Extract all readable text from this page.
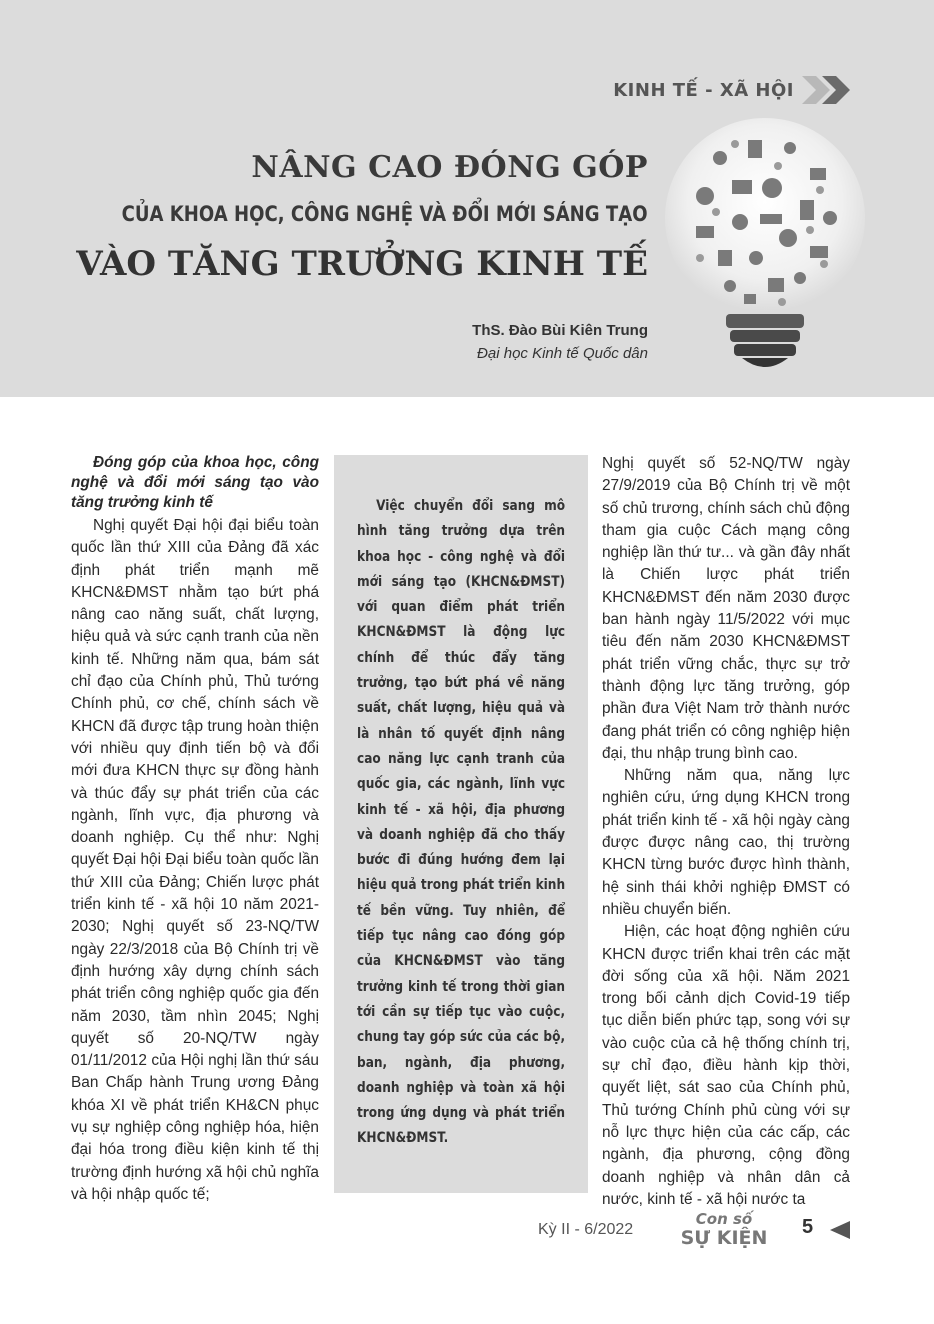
KINH TẾ - XÃ HỘI
NÂNG CAO ĐÓNG GÓP
CỦA KHOA HỌC, CÔNG NGHỆ VÀ ĐỔI MỚI SÁNG TẠO
VÀO TĂNG TRƯỞNG KINH TẾ
ThS. Đào Bùi Kiên Trung
Đại học Kinh tế Quốc dân
Đóng góp của khoa học, công nghệ và đổi mới sáng tạo vào tăng trưởng kinh tế

Nghị quyết Đại hội đại biểu toàn quốc lần thứ XIII của Đảng đã xác định phát triển mạnh mẽ KHCN&ĐMST nhằm tạo bứt phá nâng cao năng suất, chất lượng, hiệu quả và sức cạnh tranh của nền kinh tế. Những năm qua, bám sát chỉ đạo của Chính phủ, Thủ tướng Chính phủ, cơ chế, chính sách về KHCN đã được tập trung hoàn thiện với nhiều quy định tiến bộ và đổi mới đưa KHCN thực sự đồng hành và thúc đẩy sự phát triển của các ngành, lĩnh vực, địa phương và doanh nghiệp. Cụ thể như: Nghị quyết Đại hội Đại biểu toàn quốc lần thứ XIII của Đảng; Chiến lược phát triển kinh tế - xã hội 10 năm 2021-2030; Nghị quyết số 23-NQ/TW ngày 22/3/2018 của Bộ Chính trị về định hướng xây dựng chính sách phát triển công nghiệp quốc gia đến năm 2030, tầm nhìn 2045; Nghị quyết số 20-NQ/TW ngày 01/11/2012 của Hội nghị lần thứ sáu Ban Chấp hành Trung ương Đảng khóa XI về phát triển KH&CN phục vụ sự nghiệp công nghiệp hóa, hiện đại hóa trong điều kiện kinh tế thị trường định hướng xã hội chủ nghĩa và hội nhập quốc tế;

Việc chuyển đổi sang mô hình tăng trưởng dựa trên khoa học - công nghệ và đổi mới sáng tạo (KHCN&ĐMST) với quan điểm phát triển KHCN&ĐMST là động lực chính để thúc đẩy tăng trưởng, tạo bứt phá về năng suất, chất lượng, hiệu quả và là nhân tố quyết định nâng cao năng lực cạnh tranh của quốc gia, các ngành, lĩnh vực kinh tế - xã hội, địa phương và doanh nghiệp đã cho thấy bước đi đúng hướng đem lại hiệu quả trong phát triển kinh tế bền vững. Tuy nhiên, để tiếp tục nâng cao đóng góp của KHCN&ĐMST vào tăng trưởng kinh tế trong thời gian tới cần sự tiếp tục vào cuộc, chung tay góp sức của các bộ, ban, ngành, địa phương, doanh nghiệp và toàn xã hội trong ứng dụng và phát triển KHCN&ĐMST.

Nghị quyết số 52-NQ/TW ngày 27/9/2019 của Bộ Chính trị về một số chủ trương, chính sách chủ động tham gia cuộc Cách mạng công nghiệp lần thứ tư... và gần đây nhất là Chiến lược phát triển KHCN&ĐMST đến năm 2030 được ban hành ngày 11/5/2022 với mục tiêu đến năm 2030 KHCN&ĐMST phát triển vững chắc, thực sự trở thành động lực tăng trưởng, góp phần đưa Việt Nam trở thành nước đang phát triển có công nghiệp hiện đại, thu nhập trung bình cao.

Những năm qua, năng lực nghiên cứu, ứng dụng KHCN trong phát triển kinh tế - xã hội ngày càng được được nâng cao, thị trường KHCN từng bước được hình thành, hệ sinh thái khởi nghiệp ĐMST có nhiều chuyển biến.

Hiện, các hoạt động nghiên cứu KHCN được triển khai trên các mặt đời sống của xã hội. Năm 2021 trong bối cảnh dịch Covid-19 tiếp tục diễn biến phức tạp, song với sự vào cuộc của cả hệ thống chính trị, sự chỉ đạo, điều hành kịp thời, quyết liệt, sát sao của Chính phủ, Thủ tướng Chính phủ cùng với sự nỗ lực thực hiện của các cấp, các ngành, địa phương, cộng đồng doanh nghiệp và nhân dân cả nước, kinh tế - xã hội nước ta

Kỳ II - 6/2022
Con số
SỰ KIỆN 5
